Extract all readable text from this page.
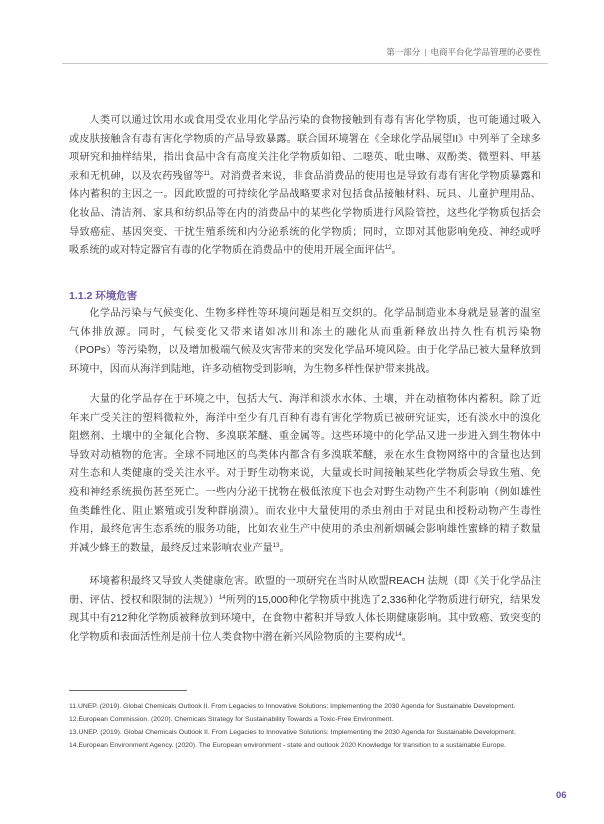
第一部分 | 电商平台化学品管理的必要性
人类可以通过饮用水或食用受农业用化学品污染的食物接触到有毒有害化学物质，也可能通过吸入
或皮肤接触含有毒有害化学物质的产品导致暴露。联合国环境署在《全球化学品展望II》中列举了全球多
项研究和抽样结果，指出食品中含有高度关注化学物质如铅、二噁英、吡虫啉、双酚类、微塑料、甲基
汞和无机砷，以及农药残留等$^{11}$。对消费者来说，非食品消费品的使用也是导致有毒有害化学物质暴露和
体内蓄积的主因之一。因此欧盟的可持续化学品战略要求对包括食品接触材料、玩具、儿童护理用品、
化妆品、清洁剂、家具和纺织品等在内的消费品中的某些化学物质进行风险管控，这些化学物质包括会
导致癌症、基因突变、干扰生殖系统和内分泌系统的化学物质；同时，立即对其他影响免疫、神经或呼
吸系统的或对特定器官有毒的化学物质在消费品中的使用开展全面评估$^{12}$。
1.1.2 环境危害
化学品污染与气候变化、生物多样性等环境问题是相互交织的。化学品制造业本身就是显著的温室
气体排放源。同时，气候变化又带来诸如冰川和冻土的融化从而重新释放出持久性有机污染物
（POPs）等污染物，以及增加极端气候及灾害带来的突发化学品环境风险。由于化学品已被大量释放到
环境中，因而从海洋到陆地，许多动植物受到影响，为生物多样性保护带来挑战。
大量的化学品存在于环境之中，包括大气、海洋和淡水水体、土壤，并在动植物体内蓄积。除了近
年来广受关注的塑料微粒外，海洋中至少有几百种有毒有害化学物质已被研究证实，还有淡水中的溴化
阻燃剂、土壤中的全氟化合物、多溴联苯醚、重金属等。这些环境中的化学品又进一步进入到生物体中
导致对动植物的危害。全球不同地区的鸟类体内都含有多溴联苯醚，汞在水生食物网络中的含量也达到
对生态和人类健康的受关注水平。对于野生动物来说，大量或长时间接触某些化学物质会导致生殖、免
疫和神经系统损伤甚至死亡。一些内分泌干扰物在极低浓度下也会对野生动物产生不利影响（例如雄性
鱼类雌性化、阻止繁殖或引发种群崩溃）。而农业中大量使用的杀虫剂由于对昆虫和授粉动物产生毒性
作用，最终危害生态系统的服务功能，比如农业生产中使用的杀虫剂新烟碱会影响雄性蜜蜂的精子数量
并减少蜂王的数量，最终反过来影响农业产量$^{13}$。
环境蓄积最终又导致人类健康危害。欧盟的一项研究在当时从欧盟REACH 法规（即《关于化学品注
册、评估、授权和限制的法规》）$^{14}$所列的15,000种化学物质中挑选了2,336种化学物质进行研究，结果发
现其中有212种化学物质被释放到环境中，在食物中蓄积并导致人体长期健康影响。其中致癌、致突变的
化学物质和表面活性剂是前十位人类食物中潜在新兴风险物质的主要构成$^{14}$。
11.UNEP. (2019). Global Chemicals Outlook II. From Legacies to Innovative Solutions: Implementing the 2030 Agenda for Sustainable Development.
12.European Commission. (2020). Chemicals Strategy for Sustainability Towards a Toxic-Free Environment.
13.UNEP. (2019). Global Chemicals Outlook II. From Legacies to Innovative Solutions: Implementing the 2030 Agenda for Sustainable Development.
14.European Environment Agency. (2020). The European environment - state and outlook 2020 Knowledge for transition to a sustainable Europe.
06
